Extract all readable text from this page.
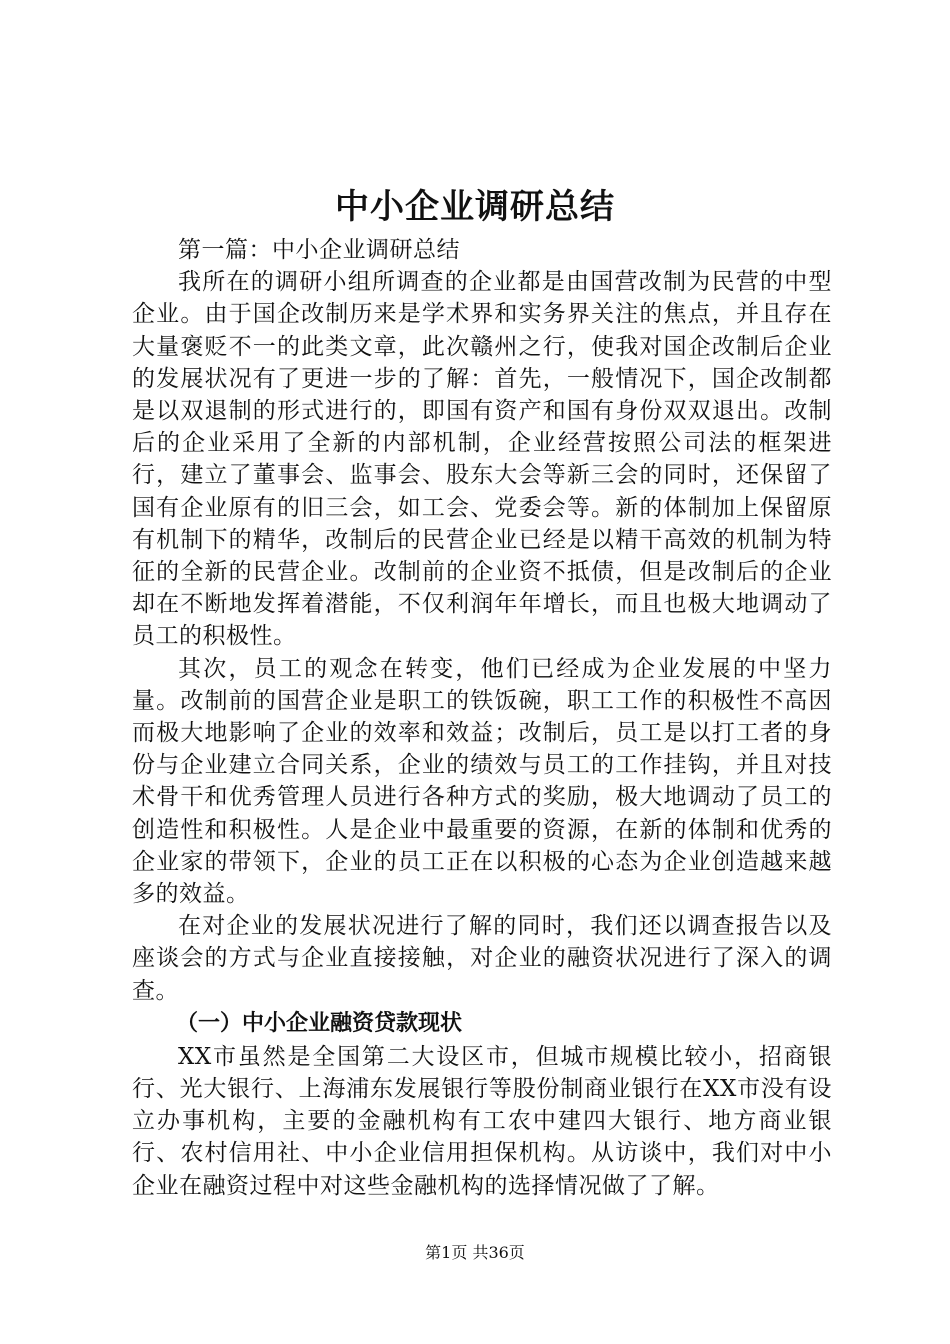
中小企业调研总结

第一篇：中小企业调研总结

我所在的调研小组所调查的企业都是由国营改制为民营的中型企业。由于国企改制历来是学术界和实务界关注的焦点，并且存在大量褒贬不一的此类文章，此次赣州之行，使我对国企改制后企业的发展状况有了更进一步的了解：首先，一般情况下，国企改制都是以双退制的形式进行的，即国有资产和国有身份双双退出。改制后的企业采用了全新的内部机制，企业经营按照公司法的框架进行，建立了董事会、监事会、股东大会等新三会的同时，还保留了国有企业原有的旧三会，如工会、党委会等。新的体制加上保留原有机制下的精华，改制后的民营企业已经是以精干高效的机制为特征的全新的民营企业。改制前的企业资不抵债，但是改制后的企业却在不断地发挥着潜能，不仅利润年年增长，而且也极大地调动了员工的积极性。

其次，员工的观念在转变，他们已经成为企业发展的中坚力量。改制前的国营企业是职工的铁饭碗，职工工作的积极性不高因而极大地影响了企业的效率和效益；改制后，员工是以打工者的身份与企业建立合同关系，企业的绩效与员工的工作挂钩，并且对技术骨干和优秀管理人员进行各种方式的奖励，极大地调动了员工的创造性和积极性。人是企业中最重要的资源，在新的体制和优秀的企业家的带领下，企业的员工正在以积极的心态为企业创造越来越多的效益。

在对企业的发展状况进行了解的同时，我们还以调查报告以及座谈会的方式与企业直接接触，对企业的融资状况进行了深入的调查。

（一）中小企业融资贷款现状

XX市虽然是全国第二大设区市，但城市规模比较小，招商银行、光大银行、上海浦东发展银行等股份制商业银行在XX市没有设立办事机构，主要的金融机构有工农中建四大银行、地方商业银行、农村信用社、中小企业信用担保机构。从访谈中，我们对中小企业在融资过程中对这些金融机构的选择情况做了了解。

第1页 共36页
